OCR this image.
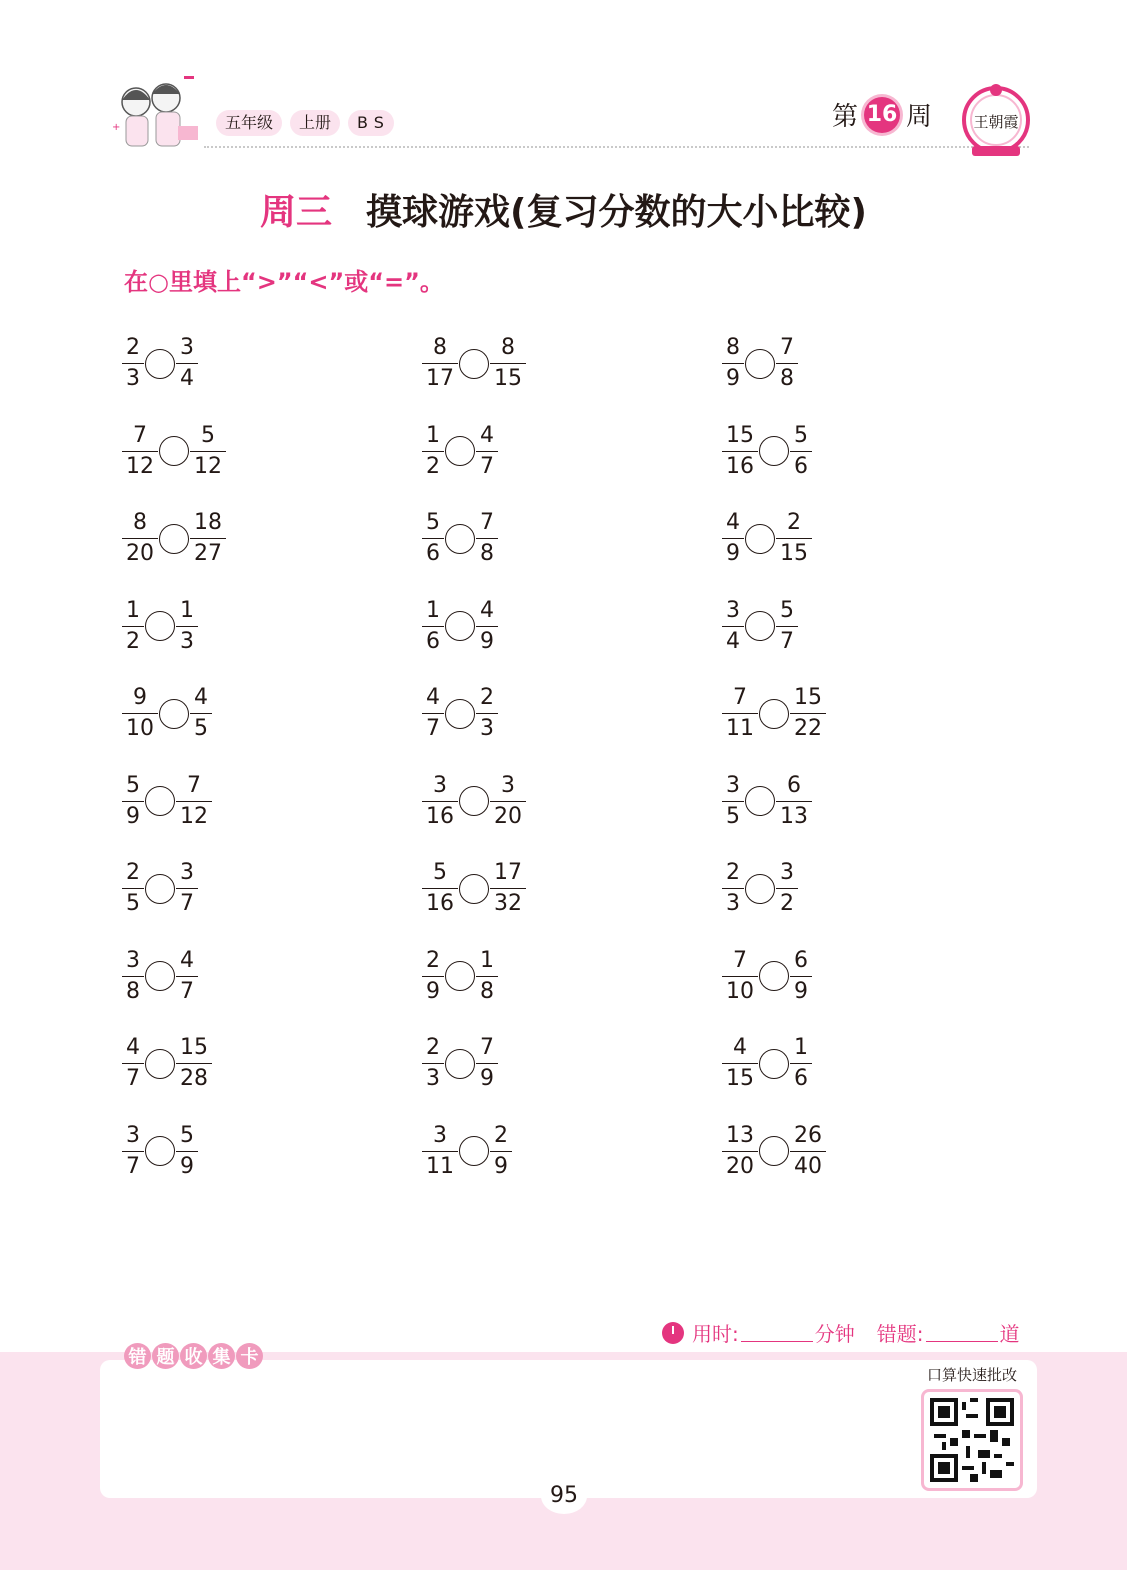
+	五年级	上册	BS	第 16 周	王朝霞
周三 摸球游戏(复习分数的大小比较)
在○里填上“>”“<”或“=”。
$\frac{2}{3} \frac{3}{4}$	$\frac{8}{17} \frac{8}{15}$	$\frac{8}{9} \frac{7}{8}$
$\frac{7}{12} \frac{5}{12}$	$\frac{1}{2} \frac{4}{7}$	$\frac{15}{16} \frac{5}{6}$
$\frac{8}{20} \frac{18}{27}$	$\frac{5}{6} \frac{7}{8}$	$\frac{4}{9} \frac{2}{15}$
$\frac{1}{2} \frac{1}{3}$	$\frac{1}{6} \frac{4}{9}$	$\frac{3}{4} \frac{5}{7}$
$\frac{9}{10} \frac{4}{5}$	$\frac{4}{7} \frac{2}{3}$	$\frac{7}{11} \frac{15}{22}$
$\frac{5}{9} \frac{7}{12}$	$\frac{3}{16} \frac{3}{20}$	$\frac{3}{5} \frac{6}{13}$
$\frac{2}{5} \frac{3}{7}$	$\frac{5}{16} \frac{17}{32}$	$\frac{2}{3} \frac{3}{2}$
$\frac{3}{8} \frac{4}{7}$	$\frac{2}{9} \frac{1}{8}$	$\frac{7}{10} \frac{6}{9}$
$\frac{4}{7} \frac{15}{28}$	$\frac{2}{3} \frac{7}{9}$	$\frac{4}{15} \frac{1}{6}$
$\frac{3}{7} \frac{5}{9}$	$\frac{3}{11} \frac{2}{9}$	$\frac{13}{20} \frac{26}{40}$
错 题 收 集 卡
用时:	分钟 错题:	道
口算快速批改
95
